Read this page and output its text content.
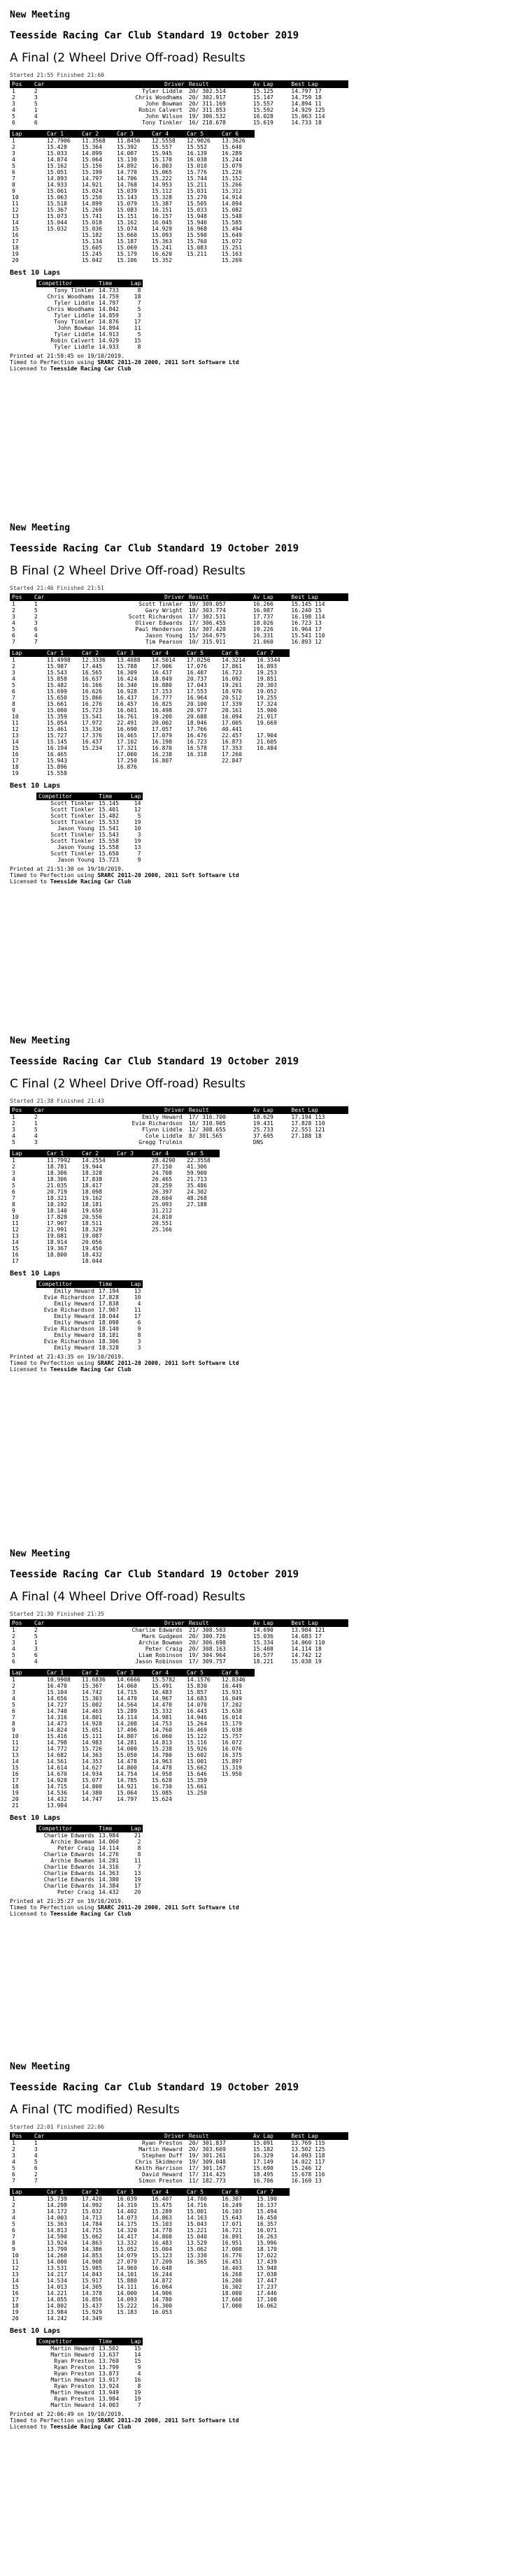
New Meeting
Teesside Racing Car Club Standard 19 October 2019
A Final (2 Wheel Drive Off-road) Results
Started 21:55 Finished 21:60
Pos	Car	Driver	Result	Av Lap	Best Lap
1	2	Tyler Liddle	20/ 302.514	15.125	14.797 17
2	3	Chris Woodhams	20/ 302.917	15.147	14.759 18
3	5	John Bowman	20/ 311.169	15.557	14.894 11
4	1	Robin Calvert	20/ 311.853	15.592	14.929 125
5	4	John Wilson	19/ 306.532	16.028	15.063 114
6	6	Tony Tinkler	16/ 218.678	15.619	14.733 18
Lap	Car 1	Car 2	Car 3	Car 4	Car 5	Car 6
1	12.7906	11.3568	11.8456	12.5558	12.9026	13.3626
2	15.428	15.364	15.392	15.557	15.552	15.640
3	15.033	14.899	14.007	15.945	16.139	16.289
4	14.874	15.064	15.130	15.170	16.038	15.244
5	15.162	15.156	14.892	16.803	15.010	15.079
6	15.051	15.199	14.770	15.065	15.776	15.226
7	14.893	14.797	14.706	15.222	15.744	15.152
8	14.933	14.921	14.768	14.953	15.211	15.266
9	15.061	15.024	15.039	15.112	15.031	15.312
10	15.063	15.250	15.143	15.328	15.270	14.914
11	15.518	14.899	15.079	15.387	15.505	14.894
12	15.367	15.269	15.083	16.151	15.033	15.082
13	15.073	15.741	15.151	16.157	15.948	15.548
14	15.044	15.018	15.162	16.045	15.946	15.585
15	15.032	15.036	15.074	14.929	16.968	15.494
16		15.182	15.660	15.093	15.590	15.649
17		15.134	15.187	15.363	15.760	15.072
18		15.605	15.069	15.241	15.083	15.251
19		15.245	15.179	16.620	15.211	15.163
20		15.042	15.106	15.352		15.269
Best 10 Laps
Competitor	Time	Lap
Tony Tinkler	14.733	8
Chris Woodhams	14.759	18
Tyler Liddle	14.797	7
Chris Woodhams	14.842	5
Tyler Liddle	14.859	3
Tony Tinkler	14.876	17
John Bowman	14.894	11
Tyler Liddle	14.913	5
Robin Calvert	14.929	15
Tyler Liddle	14.933	8
Printed at 21:59:45 on 19/10/2019.
Timed to Perfection using SRARC 2011-20 2000, 2011 Soft Software Ltd
Licensed to Teesside Racing Car Club
New Meeting
Teesside Racing Car Club Standard 19 October 2019
B Final (2 Wheel Drive Off-road) Results
Started 21:46 Finished 21:51
Pos	Car	Driver	Result	Av Lap	Best Lap
1	1	Scott Tinkler	19/ 309.057	16.266	15.145 114
2	5	Gary Wright	18/ 303.774	16.987	16.240 15
3	2	Scott Richardson	17/ 302.531	17.737	16.198 114
4	3	Oliver Edwards	17/ 306.455	18.026	16.723 13
5	6	Paul Henderson	16/ 307.420	19.226	16.964 17
6	4	Jason Young	15/ 264.975	16.331	15.541 110
7	7	Tim Pearson	10/ 315.911	21.060	16.893 12
Lap	Car 1	Car 2	Car 3	Car 4	Car 5	Car 6	Car 7
1	11.4998	12.3336	13.4088	14.5014	17.0256	14.3214	16.3344
2	15.987	17.445	15.788	17.906	17.076	17.861	16.893
3	15.543	16.565	16.309	16.437	16.407	16.723	19.253
4	15.858	16.637	16.424	18.849	20.737	16.092	19.851
5	15.482	16.166	16.340	16.880	17.043	19.261	20.303
6	15.699	16.626	16.928	17.153	17.553	18.976	19.052
7	15.650	15.866	16.437	16.777	16.964	20.512	19.255
8	15.661	16.276	16.457	16.825	20.100	17.339	17.324
9	15.000	15.723	16.601	16.498	20.977	20.161	15.900
10	15.359	15.541	16.761	19.200	20.688	16.094	21.917
11	15.054	17.972	22.491	20.002	18.946	17.005	19.669
12	15.461	15.336	16.690	17.057	17.766	40.441	
13	15.727	17.376	16.465	17.079	16.476	22.457	17.904
14	15.145	16.437	17.102	16.198	16.723	16.873	21.605
15	16.194	15.234	17.321	16.870	16.578	17.353	16.484
16	16.465		17.000	16.238	16.318	17.260	
17	15.943		17.250	16.807		22.847	
18	15.896		16.876				
19	15.558						
Best 10 Laps
Competitor	Time	Lap
Scott Tinkler	15.145	14
Scott Tinkler	15.401	12
Scott Tinkler	15.482	5
Scott Tinkler	15.533	19
Jason Young	15.541	10
Scott Tinkler	15.543	3
Scott Tinkler	15.558	19
Jason Young	15.558	13
Scott Tinkler	15.650	7
Jason Young	15.723	9
Printed at 21:51:30 on 19/10/2019.
Timed to Perfection using SRARC 2011-20 2000, 2011 Soft Software Ltd
Licensed to Teesside Racing Car Club
New Meeting
Teesside Racing Car Club Standard 19 October 2019
C Final (2 Wheel Drive Off-road) Results
Started 21:38 Finished 21:43
Pos	Car	Driver	Result	Av Lap	Best Lap
1	2	Emily Heward	17/ 316.700	18.629	17.194 113
2	1	Evie Richardson	16/ 310.905	19.431	17.828 110
3	5	Flynn Liddle	12/ 308.655	25.733	22.551 121
4	4	Cole Liddle	8/ 301.565	37.695	27.188 18
5	3	Gregg Trulmin		DNS	
Lap	Car 1	Car 2	Car 3	Car 4	Car 5
1	11.7992	14.2554		28.4290	22.3558
2	18.781	19.944		27.150	41.306
3	18.306	18.328		24.708	59.900
4	18.306	17.838		26.465	21.713
5	21.035	18.417		28.259	35.486
6	20.719	18.098		26.397	24.302
7	18.321	19.162		28.604	48.268
8	18.192	18.181		25.093	27.188
9	18.140	19.650		31.212	
10	17.828	20.556		24.810	
11	17.907	18.511		20.551	
12	21.991	18.329		25.166	
13	19.081	19.087			
14	18.914	20.056			
15	19.367	19.450			
16	18.800	18.432			
17		18.044			
Best 10 Laps
Competitor	Time	Lap
Emily Heward	17.194	13
Evie Richardson	17.828	10
Emily Heward	17.838	4
Evie Richardson	17.907	11
Emily Heward	18.044	17
Emily Heward	18.098	6
Evie Richardson	18.140	9
Emily Heward	18.181	8
Evie Richardson	18.306	3
Emily Heward	18.328	3
Printed at 21:43:35 on 19/10/2019.
Timed to Perfection using SRARC 2011-20 2000, 2011 Soft Software Ltd
Licensed to Teesside Racing Car Club
New Meeting
Teesside Racing Car Club Standard 19 October 2019
A Final (4 Wheel Drive Off-road) Results
Started 21:30 Finished 21:35
Pos	Car	Driver	Result	Av Lap	Best Lap
1	2	Charlie Edwards	21/ 308.503	14.690	13.984 121
2	5	Mark Gudgeon	20/ 300.726	15.036	14.683 17
3	1	Archie Bowman	20/ 306.698	15.334	14.060 110
4	3	Peter Craig	20/ 308.163	15.408	14.114 18
5	6	Liam Robinson	19/ 304.964	16.577	14.742 12
6	4	Jason Robinson	17/ 309.757	18.221	15.038 19
Lap	Car 1	Car 2	Car 3	Car 4	Car 5	Car 6
1	10.9908	11.6836	14.6666	15.5782	14.1576	12.8346
2	16.470	15.367	14.060	15.491	15.830	16.449
3	15.104	14.742	14.715	16.483	15.857	15.931
4	14.656	15.303	14.470	14.967	14.683	16.049
5	14.727	15.002	14.564	14.470	14.070	17.202
6	14.740	14.463	15.289	15.332	16.443	15.638
7	14.316	14.801	14.114	14.981	14.946	16.014
8	14.473	14.928	14.208	14.753	15.264	15.179
9	14.824	15.051	17.496	14.760	16.469	15.038
10	15.416	15.111	14.807	16.060	15.122	15.757
11	14.798	14.983	14.281	14.813	15.116	16.072
12	14.772	15.726	14.000	15.238	15.926	16.076
13	14.682	14.363	15.050	14.780	15.602	16.375
14	14.561	14.353	14.478	14.963	15.001	15.897
15	14.614	14.627	14.800	14.478	15.662	15.319
16	14.670	14.934	14.754	14.958	15.646	15.950
17	14.928	15.077	14.785	15.628	15.359	
18	14.715	14.800	14.921	16.730	15.661	
19	14.536	14.380	15.064	15.085	15.250	
20	14.432	14.747	14.797	15.624		
21	13.984					
Best 10 Laps
Competitor	Time	Lap
Charlie Edwards	13.984	21
Archie Bowman	14.060	2
Peter Craig	14.114	8
Charlie Edwards	14.276	8
Archie Bowman	14.281	11
Charlie Edwards	14.316	7
Charlie Edwards	14.363	13
Charlie Edwards	14.380	19
Charlie Edwards	14.384	17
Peter Craig	14.432	20
Printed at 21:35:27 on 19/10/2019.
Timed to Perfection using SRARC 2011-20 2000, 2011 Soft Software Ltd
Licensed to Teesside Racing Car Club
New Meeting
Teesside Racing Car Club Standard 19 October 2019
A Final (TC modified) Results
Started 22:01 Finished 22:06
Pos	Car	Driver	Result	Av Lap	Best Lap
1	1	Ryan Preston	20/ 301.837	15.091	13.769 115
2	3	Martin Heward	20/ 303.669	15.182	13.502 125
3	4	Stephen Duff	19/ 301.261	16.329	14.093 118
4	5	Chris Skidmore	19/ 309.048	17.149	14.022 117
5	6	Keith Harrison	17/ 301.167	15.690	15.246 12
6	2	David Heward	17/ 314.425	18.495	15.678 116
7	7	Simon Preston	11/ 182.773	16.706	16.169 13
Lap	Car 1	Car 2	Car 3	Car 4	Car 5	Car 6	Car 7
1	15.739	17.420	16.039	16.407	14.700	16.307	15.190
2	14.298	14.992	14.319	15.475	14.716	16.249	16.137
3	14.172	15.032	14.402	15.289	15.001	16.103	15.494
4	14.003	14.713	14.073	14.863	14.163	15.643	16.450
5	15.363	14.784	14.175	15.103	15.043	17.071	16.357
6	14.813	14.715	14.320	14.778	15.221	16.721	16.071
7	14.590	15.062	14.417	14.808	15.040	16.891	16.263
8	13.924	14.863	13.332	16.483	13.529	16.951	15.996
9	13.799	14.386	15.052	15.004	15.062	17.008	18.170
10	14.260	14.853	14.079	15.123	15.330	16.776	17.022
11	14.000	14.908	27.079	17.209	16.365	16.451	17.439
12	13.531	15.985	14.969	16.648		16.403	15.948
13	14.217	14.843	14.101	16.244		16.268	17.038
14	14.534	15.917	15.880	14.872		16.200	17.447
15	14.013	14.305	14.111	16.064		16.302	17.237
16	14.221	14.378	14.000	14.906		18.000	17.446
17	14.055	16.856	14.093	14.780		17.660	17.108
18	14.802	15.437	15.222	16.300		17.000	16.062
19	13.984	15.929	15.183	16.053			
20	14.242	14.349					
Best 10 Laps
Competitor	Time	Lap
Martin Heward	13.502	15
Martin Heward	13.637	14
Ryan Preston	13.769	15
Ryan Preston	13.799	9
Ryan Preston	13.873	4
Martin Heward	13.917	16
Ryan Preston	13.924	8
Martin Heward	13.949	19
Ryan Preston	13.984	19
Martin Heward	14.003	7
Printed at 22:06:49 on 19/10/2019.
Timed to Perfection using SRARC 2011-20 2000, 2011 Soft Software Ltd
Licensed to Teesside Racing Car Club
